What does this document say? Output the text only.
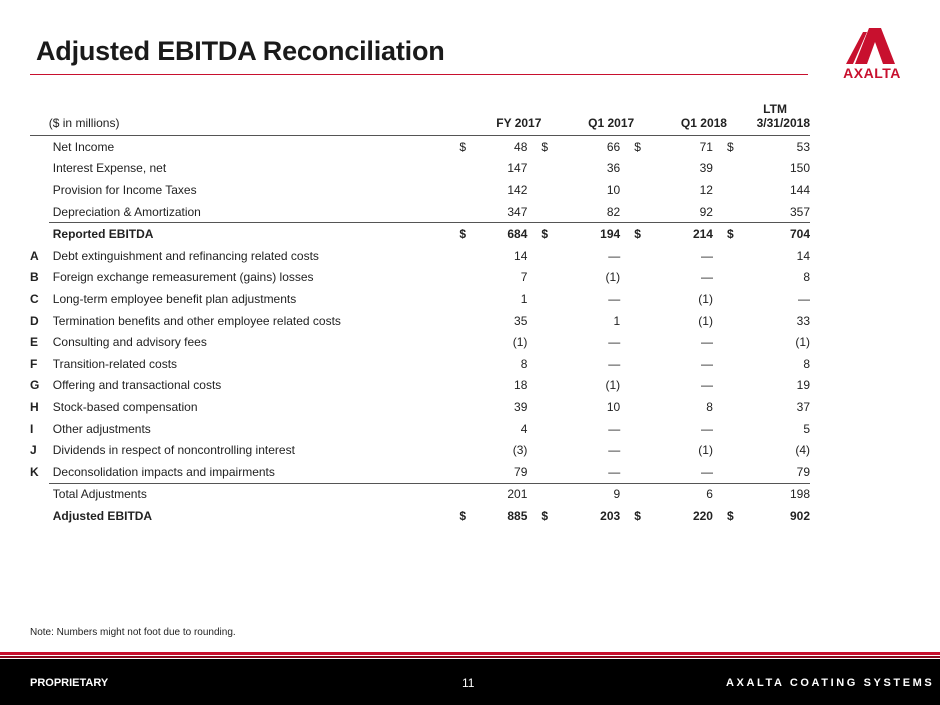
Adjusted EBITDA Reconciliation
AXALTA
	($ in millions)		FY 2017		Q1 2017		Q1 2018		LTM
3/31/2018

	Net Income	$	48	$	66	$	71	$	53
	Interest Expense, net		147		36		39		150
	Provision for Income Taxes		142		10		12		144
	Depreciation & Amortization		347		82		92		357
	Reported EBITDA	$	684	$	194	$	214	$	704
A	Debt extinguishment and refinancing related costs		14		—		—		14
B	Foreign exchange remeasurement (gains) losses		7		(1)		—		8
C	Long-term employee benefit plan adjustments		1		—		(1)		—
D	Termination benefits and other employee related costs		35		1		(1)		33
E	Consulting and advisory fees		(1)		—		—		(1)
F	Transition-related costs		8		—		—		8
G	Offering and transactional costs		18		(1)		—		19
H	Stock-based compensation		39		10		8		37
I	Other adjustments		4		—		—		5
J	Dividends in respect of noncontrolling interest		(3)		—		(1)		(4)
K	Deconsolidation impacts and impairments		79		—		—		79
	Total Adjustments		201		9		6		198
	Adjusted EBITDA	$	885	$	203	$	220	$	902
Note: Numbers might not foot due to rounding.
PROPRIETARY	11	AXALTA COATING SYSTEMS
